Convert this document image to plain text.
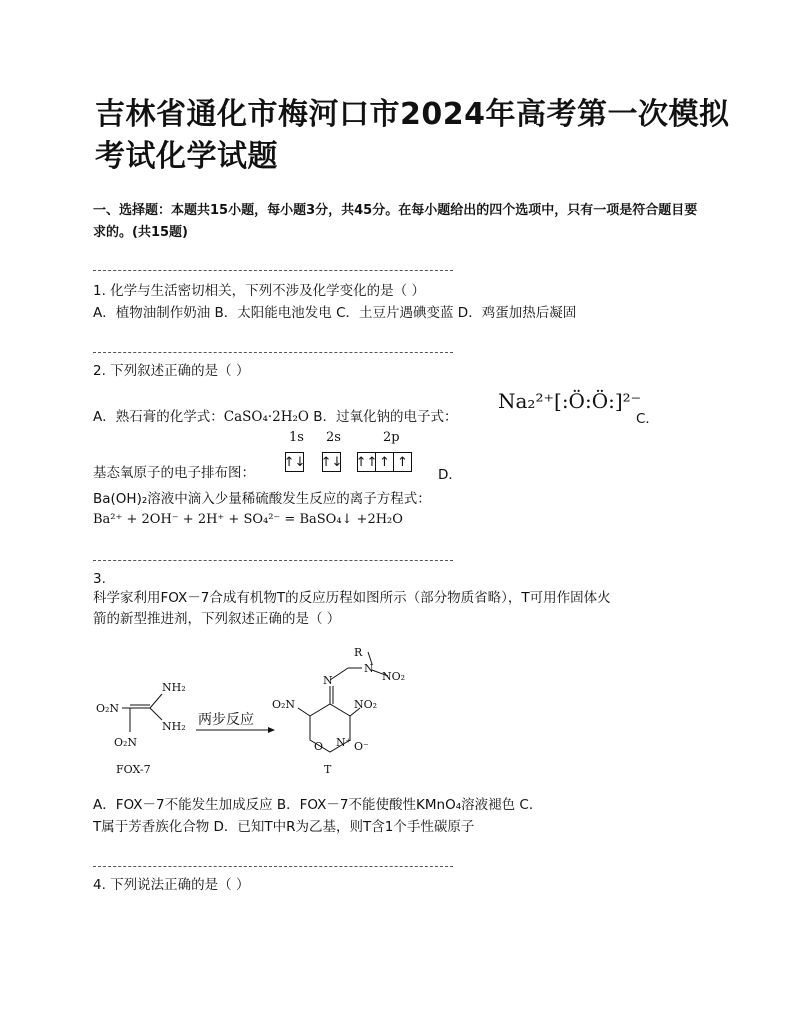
吉林省通化市梅河口市2024年高考第一次模拟考试化学试题
一、选择题：本题共15小题，每小题3分，共45分。在每小题给出的四个选项中，只有一项是符合题目要求的。(共15题)
1. 化学与生活密切相关，下列不涉及化学变化的是（ ）
A．植物油制作奶油 B．太阳能电池发电 C．土豆片遇碘变蓝 D．鸡蛋加热后凝固
2. 下列叙述正确的是（ ）
A．熟石膏的化学式：CaSO₄·2H₂O B．过氧化钠的电子式：
Na₂²⁺[:Ö:Ö:]²⁻
C．
1s 2s	2p
基态氧原子的电子排布图：
↑↓ ↑↓ ↑↑ ↑ ↑
D．
Ba(OH)₂溶液中滴入少量稀硫酸发生反应的离子方程式：
Ba²⁺ + 2OH⁻ + 2H⁺ + SO₄²⁻ = BaSO₄↓ +2H₂O
3.
科学家利用FOX－7合成有机物T的反应历程如图所示（部分物质省略），T可用作固体火
箭的新型推进剂，下列叙述正确的是（ ）
NH₂
NH₂
O₂N
O₂N
FOX-7
两步反应
N
N
R
NO₂
O₂N	NO₂
N⁺ O⁻
O
T
A．FOX－7不能发生加成反应 B．FOX－7不能使酸性KMnO₄溶液褪色 C．
T属于芳香族化合物 D．已知T中R为乙基，则T含1个手性碳原子
4. 下列说法正确的是（ ）
